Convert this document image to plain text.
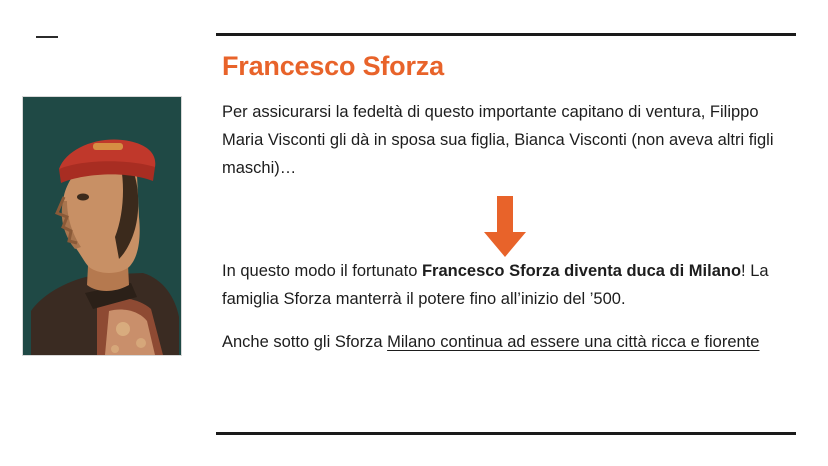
Francesco Sforza

Per assicurarsi la fedeltà di questo importante capitano di ventura, Filippo Maria Visconti gli dà in sposa sua figlia, Bianca Visconti (non aveva altri figli maschi)…

In questo modo il fortunato Francesco Sforza diventa duca di Milano! La famiglia Sforza manterrà il potere fino all’inizio del ’500.

Anche sotto gli Sforza Milano continua ad essere una città ricca e fiorente
